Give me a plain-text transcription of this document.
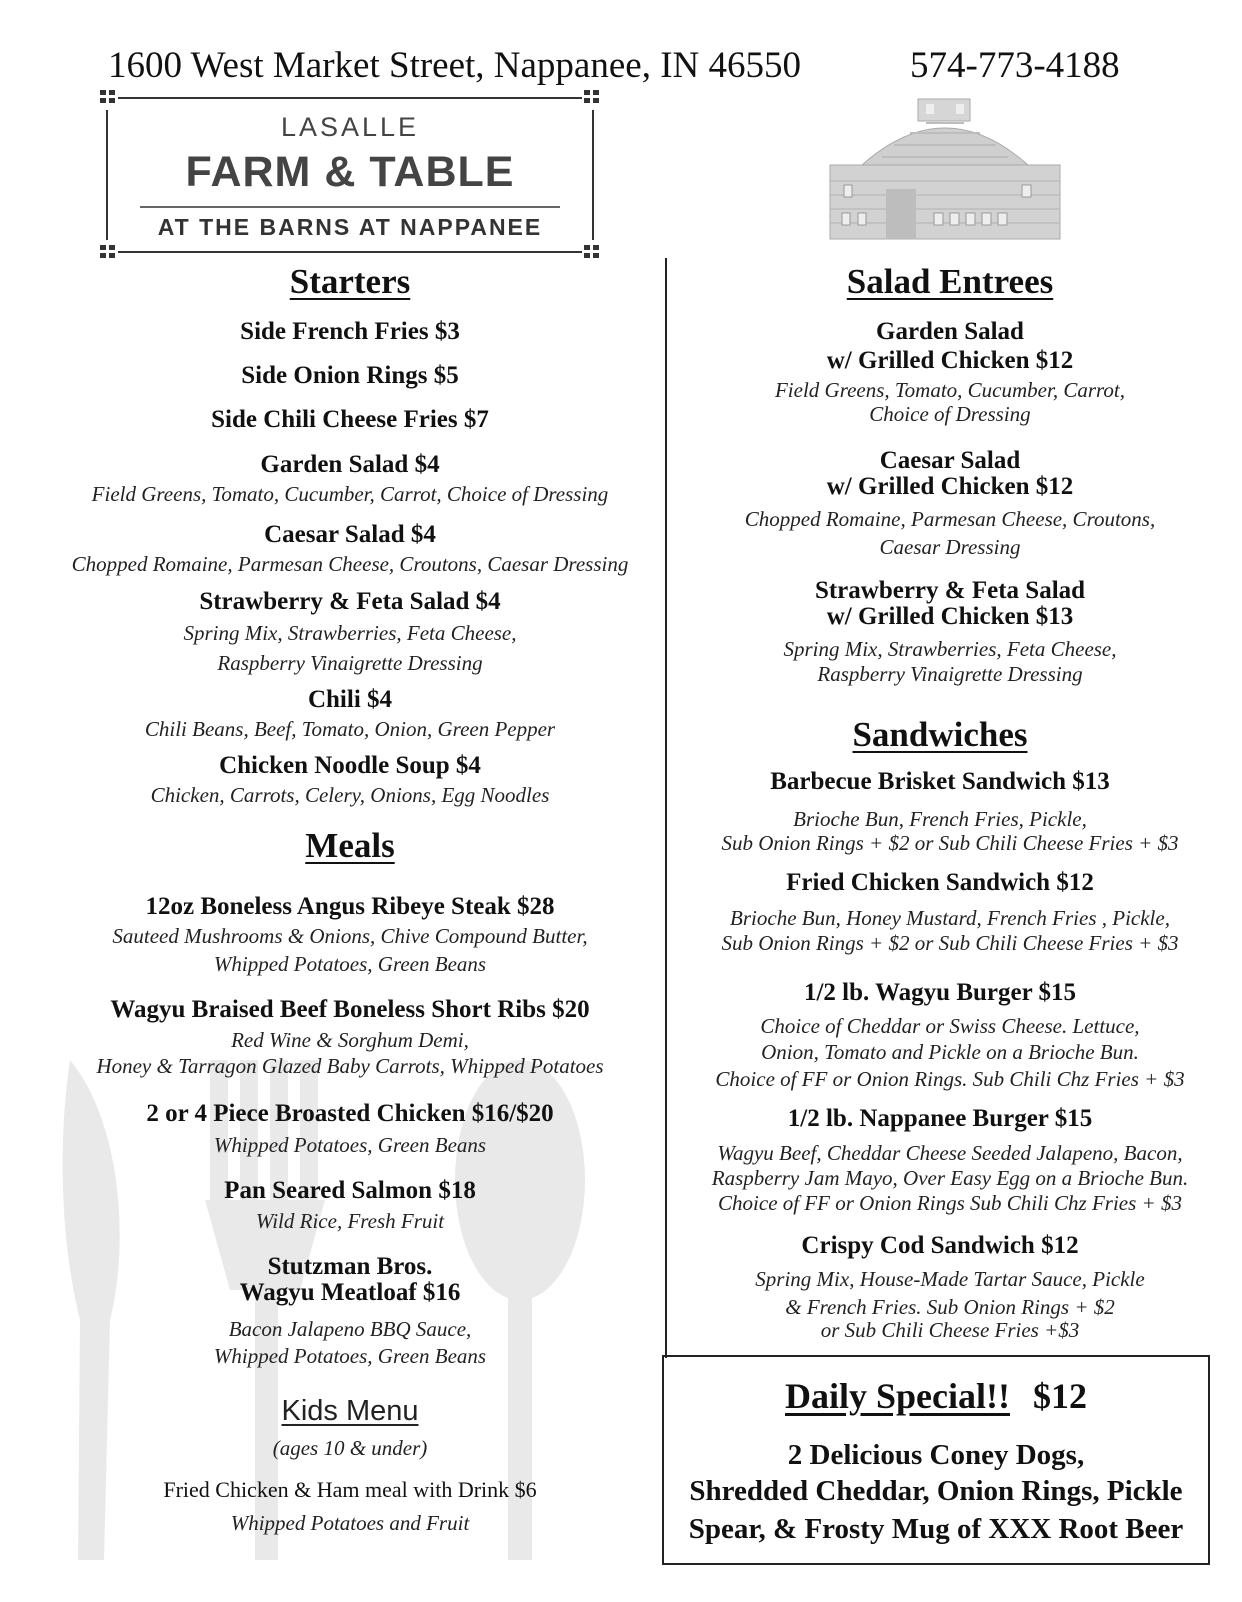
1600 West Market Street, Nappanee, IN 46550	574-773-4188
LASALLE
FARM & TABLE
AT THE BARNS AT NAPPANEE
Starters
Side French Fries $3
Side Onion Rings $5
Side Chili Cheese Fries $7
Garden Salad $4
Field Greens, Tomato, Cucumber, Carrot, Choice of Dressing
Caesar Salad $4
Chopped Romaine, Parmesan Cheese, Croutons, Caesar Dressing
Strawberry & Feta Salad $4
Spring Mix, Strawberries, Feta Cheese,
Raspberry Vinaigrette Dressing
Chili $4
Chili Beans, Beef, Tomato, Onion, Green Pepper
Chicken Noodle Soup $4
Chicken, Carrots, Celery, Onions, Egg Noodles
Meals
12oz Boneless Angus Ribeye Steak $28
Sauteed Mushrooms & Onions, Chive Compound Butter,
Whipped Potatoes, Green Beans
Wagyu Braised Beef Boneless Short Ribs $20
Red Wine & Sorghum Demi,
Honey & Tarragon Glazed Baby Carrots, Whipped Potatoes
2 or 4 Piece Broasted Chicken $16/$20
Whipped Potatoes, Green Beans
Pan Seared Salmon $18
Wild Rice, Fresh Fruit
Stutzman Bros.
Wagyu Meatloaf $16
Bacon Jalapeno BBQ Sauce,
Whipped Potatoes, Green Beans
Kids Menu
(ages 10 & under)
Fried Chicken & Ham meal with Drink $6
Whipped Potatoes and Fruit
Salad Entrees
Garden Salad
w/ Grilled Chicken $12
Field Greens, Tomato, Cucumber, Carrot,
Choice of Dressing
Caesar Salad
w/ Grilled Chicken $12
Chopped Romaine, Parmesan Cheese, Croutons,
Caesar Dressing
Strawberry & Feta Salad
w/ Grilled Chicken $13
Spring Mix, Strawberries, Feta Cheese,
Raspberry Vinaigrette Dressing
Sandwiches
Barbecue Brisket Sandwich $13
Brioche Bun, French Fries, Pickle,
Sub Onion Rings + $2 or Sub Chili Cheese Fries + $3
Fried Chicken Sandwich $12
Brioche Bun, Honey Mustard, French Fries , Pickle,
Sub Onion Rings + $2 or Sub Chili Cheese Fries + $3
1/2 lb. Wagyu Burger $15
Choice of Cheddar or Swiss Cheese. Lettuce,
Onion, Tomato and Pickle on a Brioche Bun.
Choice of FF or Onion Rings. Sub Chili Chz Fries + $3
1/2 lb. Nappanee Burger $15
Wagyu Beef, Cheddar Cheese Seeded Jalapeno, Bacon,
Raspberry Jam Mayo, Over Easy Egg on a Brioche Bun.
Choice of FF or Onion Rings Sub Chili Chz Fries + $3
Crispy Cod Sandwich $12
Spring Mix, House-Made Tartar Sauce, Pickle
& French Fries. Sub Onion Rings + $2
or Sub Chili Cheese Fries +$3
Daily Special!! $12
2 Delicious Coney Dogs,
Shredded Cheddar, Onion Rings, Pickle
Spear, & Frosty Mug of XXX Root Beer
